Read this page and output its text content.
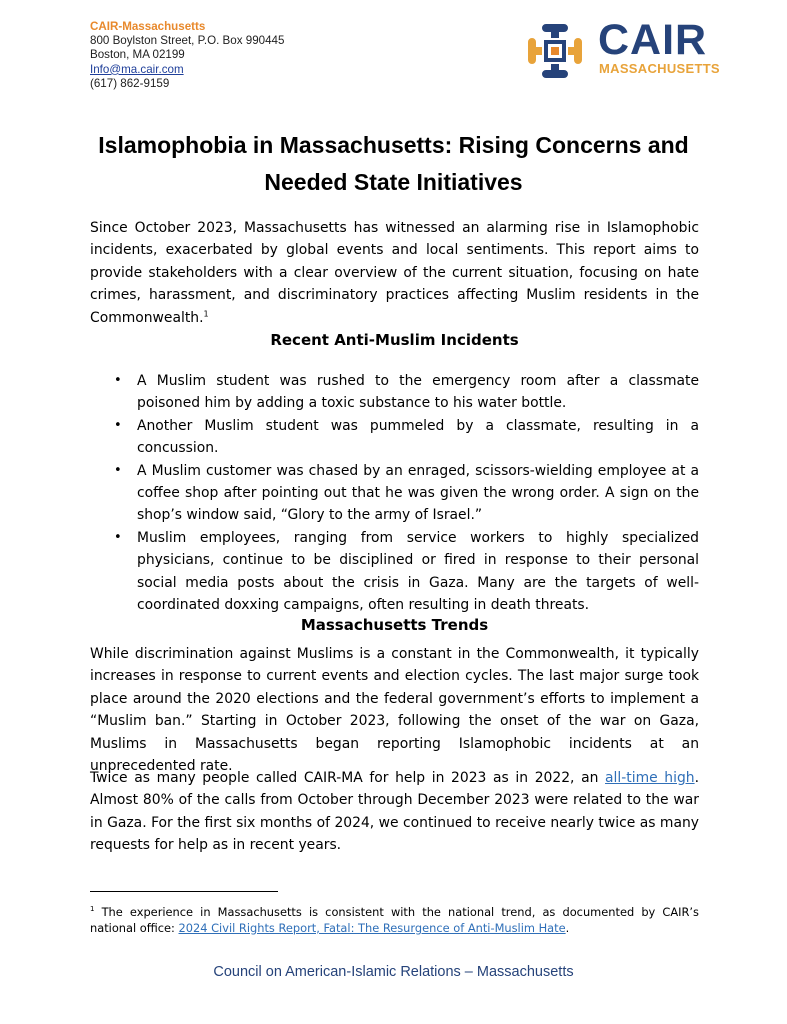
CAIR-Massachusetts
800 Boylston Street, P.O. Box 990445
Boston, MA 02199
Info@ma.cair.com
(617) 862-9159
CAIR
MASSACHUSETTS
Islamophobia in Massachusetts: Rising Concerns and
Needed State Initiatives

Since October 2023, Massachusetts has witnessed an alarming rise in Islamophobic incidents, exacerbated by global events and local sentiments. This report aims to provide stakeholders with a clear overview of the current situation, focusing on hate crimes, harassment, and discriminatory practices affecting Muslim residents in the Commonwealth.$^1$

Recent Anti-Muslim Incidents
• A Muslim student was rushed to the emergency room after a classmate poisoned him by adding a toxic substance to his water bottle.
• Another Muslim student was pummeled by a classmate, resulting in a concussion.
• A Muslim customer was chased by an enraged, scissors-wielding employee at a coffee shop after pointing out that he was given the wrong order. A sign on the shop’s window said, “Glory to the army of Israel.”
• Muslim employees, ranging from service workers to highly specialized physicians, continue to be disciplined or fired in response to their personal social media posts about the crisis in Gaza. Many are the targets of well-coordinated doxxing campaigns, often resulting in death threats.
Massachusetts Trends

While discrimination against Muslims is a constant in the Commonwealth, it typically increases in response to current events and election cycles. The last major surge took place around the 2020 elections and the federal government’s efforts to implement a “Muslim ban.” Starting in October 2023, following the onset of the war on Gaza, Muslims in Massachusetts began reporting Islamophobic incidents at an unprecedented rate.

Twice as many people called CAIR-MA for help in 2023 as in 2022, an all-time high. Almost 80% of the calls from October through December 2023 were related to the war in Gaza. For the first six months of 2024, we continued to receive nearly twice as many requests for help as in recent years.

$^1$ The experience in Massachusetts is consistent with the national trend, as documented by CAIR’s national office: 2024 Civil Rights Report, Fatal: The Resurgence of Anti-Muslim Hate.

Council on American-Islamic Relations – Massachusetts
